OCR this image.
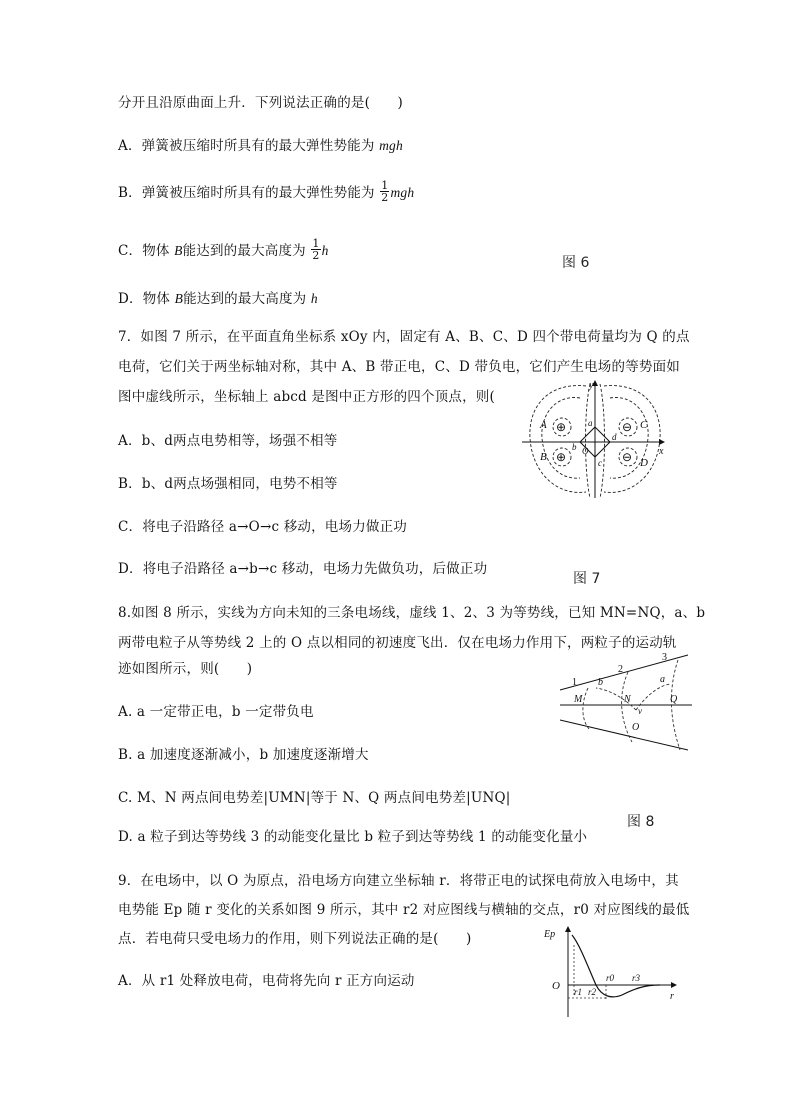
分开且沿原曲面上升．下列说法正确的是(　　)
A．弹簧被压缩时所具有的最大弹性势能为 mgh
B．弹簧被压缩时所具有的最大弹性势能为 $\frac{1}{2}$ mgh
C．物体 B能达到的最大高度为 $\frac{1}{2}$ h
图 6
D．物体 B能达到的最大高度为 h
7．如图 7 所示，在平面直角坐标系 xOy 内，固定有 A、B、C、D 四个带电荷量均为 Q 的点
电荷，它们关于两坐标轴对称，其中 A、B 带正电，C、D 带负电，它们产生电场的等势面如
图中虚线所示，坐标轴上 abcd 是图中正方形的四个顶点，则(
A．b、d两点电势相等，场强不相等
B．b、d两点场强相同，电势不相等
C．将电子沿路径 a→O→c 移动，电场力做正功
D．将电子沿路径 a→b→c 移动，电场力先做负功，后做正功
⊕
⊕
⊖
⊖
y
x
A
B
C
D
a
b
c
d
O
图 7
8.如图 8 所示，实线为方向未知的三条电场线，虚线 1、2、3 为等势线，已知 MN=NQ，a、b
两带电粒子从等势线 2 上的 O 点以相同的初速度飞出．仅在电场力作用下，两粒子的运动轨
迹如图所示，则(　　)
A. a 一定带正电，b 一定带负电
B. a 加速度逐渐减小，b 加速度逐渐增大
C. M、N 两点间电势差|UMN|等于 N、Q 两点间电势差|UNQ|
D. a 粒子到达等势线 3 的动能变化量比 b 粒子到达等势线 1 的动能变化量小
1
2
3
M	N	Q
O
a
b
v
图 8
9．在电场中，以 O 为原点，沿电场方向建立坐标轴 r．将带正电的试探电荷放入电场中，其
电势能 Ep 随 r 变化的关系如图 9 所示，其中 r2 对应图线与横轴的交点，r0 对应图线的最低
点．若电荷只受电场力的作用，则下列说法正确的是(　　)
A．从 r1 处释放电荷，电荷将先向 r 正方向运动
Ep
O
r
r0 r3
r1 r2
